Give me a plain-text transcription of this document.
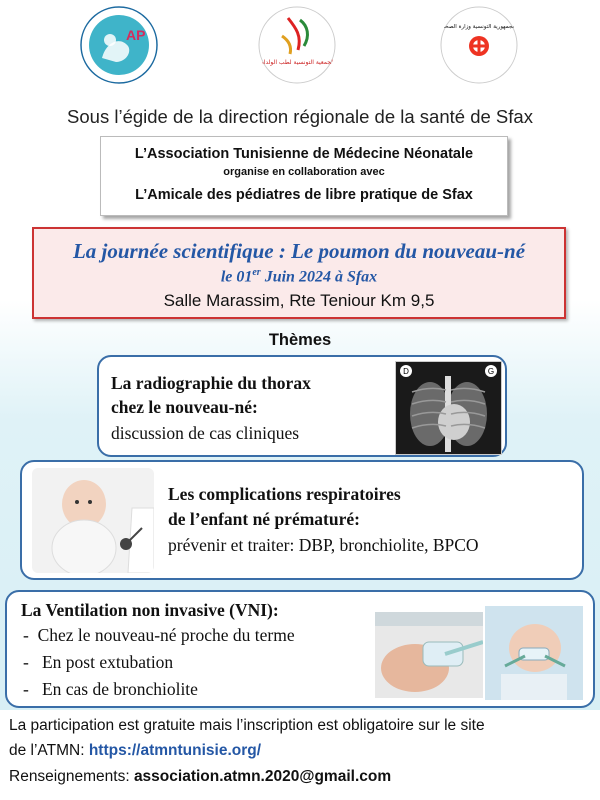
AP
الجمعية التونسية لطب الولدان
الجمهورية التونسية وزارة الصحة
Sous l’égide de la direction régionale de la santé de Sfax
L’Association Tunisienne de Médecine Néonatale
organise en collaboration avec
L’Amicale des pédiatres de libre pratique de Sfax
La journée scientifique : Le poumon du nouveau-né
le 01er Juin 2024 à Sfax
Salle Marassim, Rte Teniour Km 9,5
Thèmes
La radiographie du thorax
chez le nouveau-né:
discussion de cas cliniques
D	G
Les complications respiratoires
de l’enfant né prématuré:
prévenir et traiter: DBP, bronchiolite, BPCO
La Ventilation non invasive (VNI):
-  Chez le nouveau-né proche du terme
-   En post extubation
-   En cas de bronchiolite
La participation est gratuite mais l’inscription est obligatoire sur le site
de l’ATMN: https://atmntunisie.org/
Renseignements: association.atmn.2020@gmail.com
